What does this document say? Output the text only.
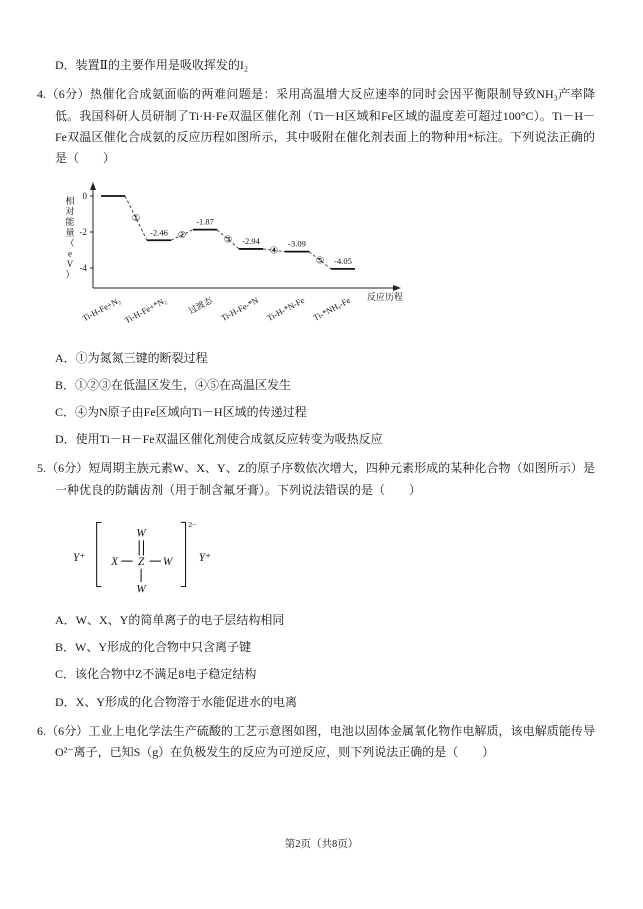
D．装置Ⅱ的主要作用是吸收挥发的I₂
4.（6分）热催化合成氨面临的两难问题是：采用高温增大反应速率的同时会因平衡限制导致NH₃产率降低。我国科研人员研制了Ti·H·Fe双温区催化剂（Ti－H区域和Fe区域的温度差可超过100°C）。Ti－H－Fe双温区催化合成氨的反应历程如图所示，其中吸附在催化剂表面上的物种用*标注。下列说法正确的是（　　）
0
-2
-4
相对能量（ e V ）
Ti-H-Fe+N₂
-2.46
Ti-H-Fe+*N₂
-1.87
过渡态
-2.94
Ti-H-Fe-*N
-3.09
Ti-H-*N-Fe
-4.05
Ti-*NHₓ-Fe
①
②	③
④
⑤
反应历程
A．①为氮氮三键的断裂过程
B．①②③在低温区发生，④⑤在高温区发生
C．④为N原子由Fe区域向Ti－H区域的传递过程
D．使用Ti－H－Fe双温区催化剂使合成氨反应转变为吸热反应
5.（6分）短周期主族元素W、X、Y、Z的原子序数依次增大，四种元素形成的某种化合物（如图所示）是一种优良的防龋齿剂（用于制含氟牙膏）。下列说法错误的是（　　）
Y⁺
W
X Z W
W
2−
Y⁺
A．W、X、Y的简单离子的电子层结构相同
B．W、Y形成的化合物中只含离子键
C．该化合物中Z不满足8电子稳定结构
D．X、Y形成的化合物溶于水能促进水的电离
6.（6分）工业上电化学法生产硫酸的工艺示意图如图，电池以固体金属氧化物作电解质，该电解质能传导O²⁻离子，已知S（g）在负极发生的反应为可逆反应，则下列说法正确的是（　　）
第2页（共8页）
